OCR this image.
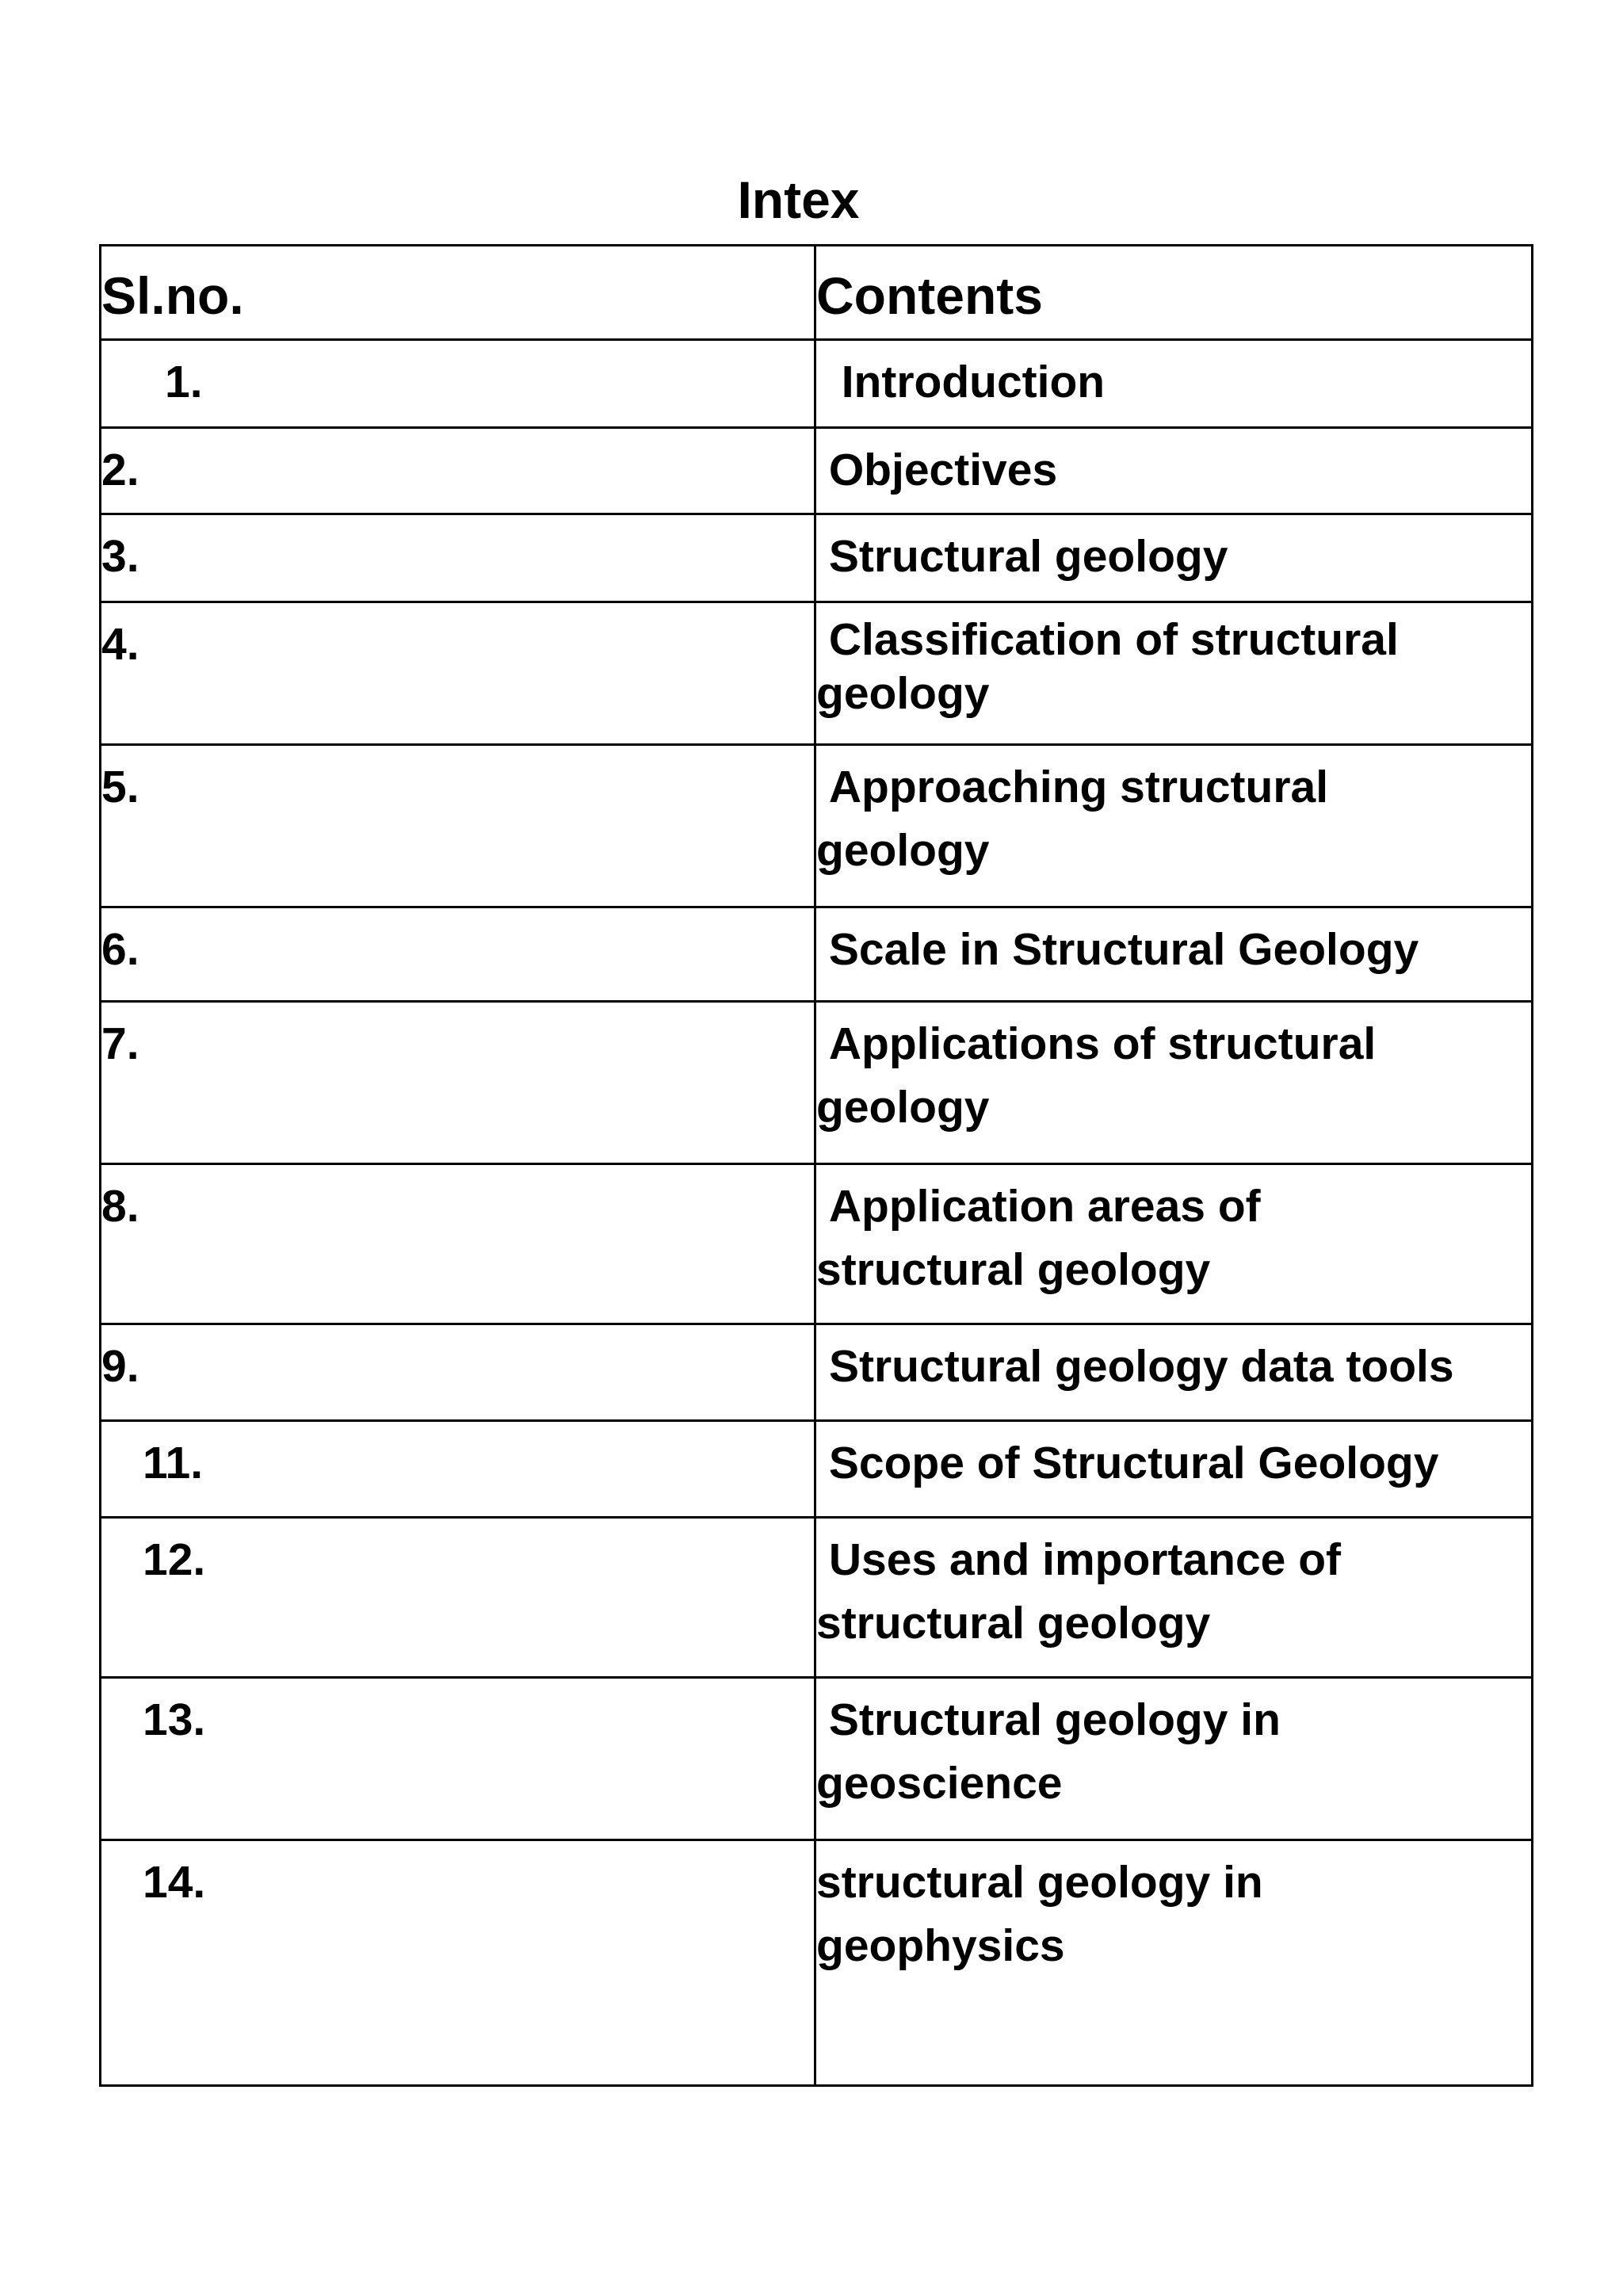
Intex
Sl.no.	Contents
1.	Introduction
2.	Objectives
3.	Structural geology
4.	Classification of structural
geology
5.	Approaching structural
geology
6.	Scale in Structural Geology
7.	Applications of structural
geology
8.	Application areas of
structural geology
9.	Structural geology data tools
11.	Scope of Structural Geology
12.	Uses and importance of
structural geology
13.	Structural geology in
geoscience
14.	structural geology in
geophysics
